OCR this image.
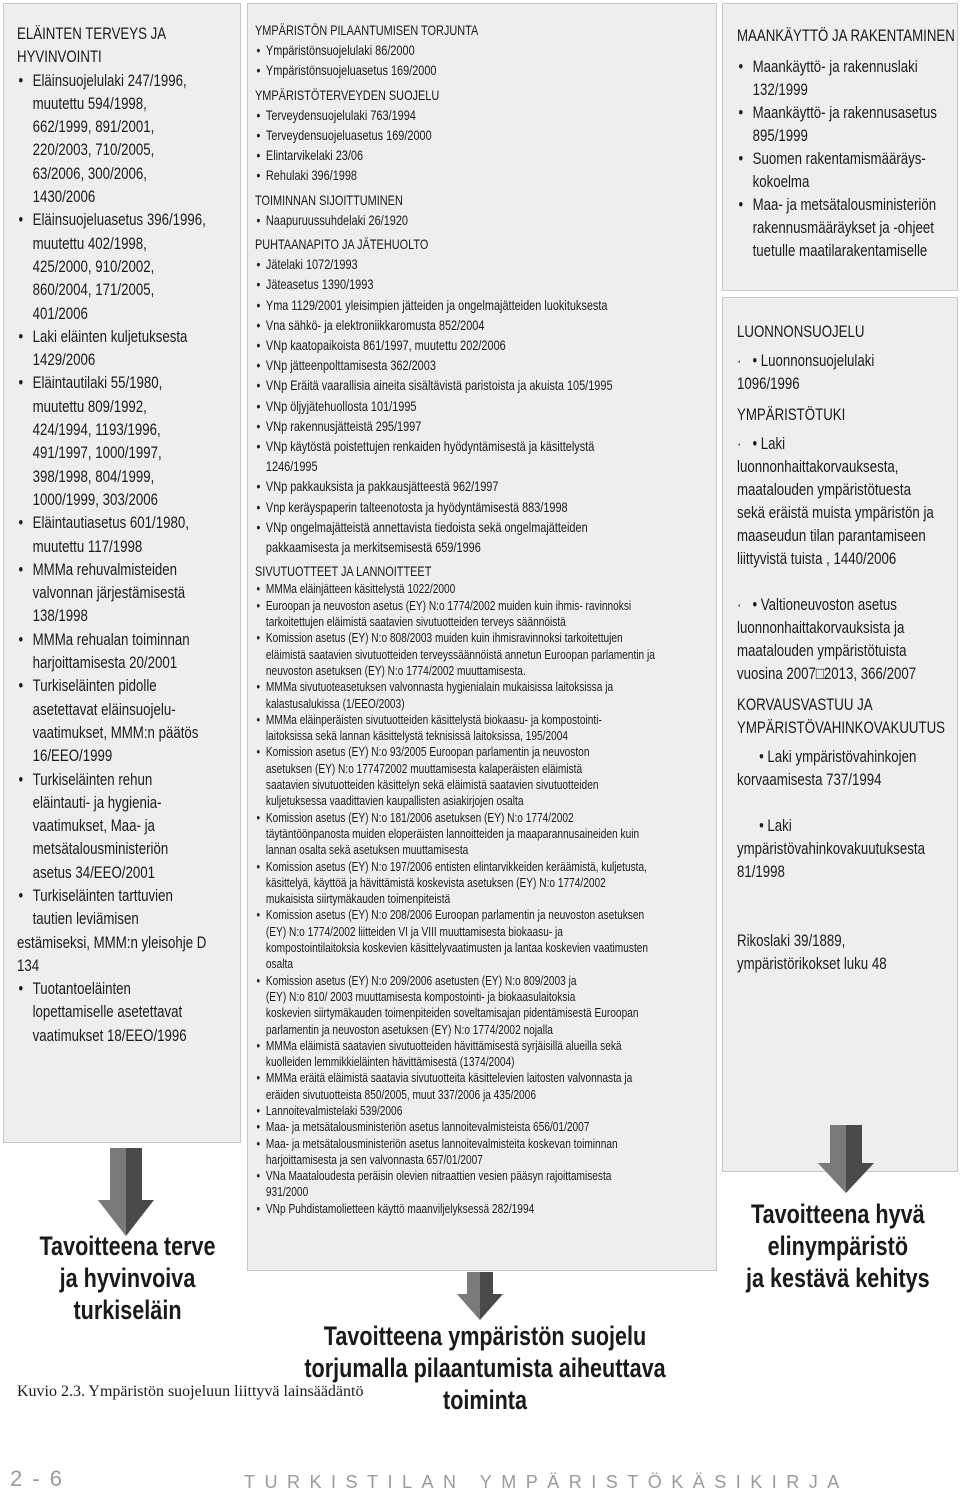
ELÄINTEN TERVEYS JA
HYVINVOINTI
• Eläinsuojelulaki 247/1996,
muutettu 594/1998,
662/1999, 891/2001,
220/2003, 710/2005,
63/2006, 300/2006,
1430/2006
• Eläinsuojeluasetus 396/1996,
muutettu 402/1998,
425/2000, 910/2002,
860/2004, 171/2005,
401/2006
• Laki eläinten kuljetuksesta
1429/2006
• Eläintautilaki 55/1980,
muutettu 809/1992,
424/1994, 1193/1996,
491/1997, 1000/1997,
398/1998, 804/1999,
1000/1999, 303/2006
• Eläintautiasetus 601/1980,
muutettu 117/1998
• MMMa rehuvalmisteiden
valvonnan järjestämisestä
138/1998
• MMMa rehualan toiminnan
harjoittamisesta 20/2001
• Turkiseläinten pidolle
asetettavat eläinsuojelu-
vaatimukset, MMM:n päätös
16/EEO/1999
• Turkiseläinten rehun
eläintauti- ja hygienia-
vaatimukset, Maa- ja
metsätalousministeriön
asetus 34/EEO/2001
• Turkiseläinten tarttuvien
tautien leviämisen
estämiseksi, MMM:n yleisohje D
134
• Tuotantoeläinten
lopettamiselle asetettavat
vaatimukset 18/EEO/1996
YMPÄRISTÖN PILAANTUMISEN TORJUNTA
• Ympäristönsuojelulaki 86/2000
• Ympäristönsuojeluasetus 169/2000
YMPÄRISTÖTERVEYDEN SUOJELU
• Terveydensuojelulaki 763/1994
• Terveydensuojeluasetus 169/2000
• Elintarvikelaki 23/06
• Rehulaki 396/1998
TOIMINNAN SIJOITTUMINEN
• Naapuruussuhdelaki 26/1920
PUHTAANAPITO JA JÄTEHUOLTO
• Jätelaki 1072/1993
• Jäteasetus 1390/1993
• Yma 1129/2001 yleisimpien jätteiden ja ongelmajätteiden luokituksesta
• Vna sähkö- ja elektroniikkaromusta 852/2004
• VNp kaatopaikoista 861/1997, muutettu 202/2006
• VNp jätteenpolttamisesta 362/2003
• VNp Eräitä vaarallisia aineita sisältävistä paristoista ja akuista 105/1995
• VNp öljyjätehuollosta 101/1995
• VNp rakennusjätteistä 295/1997
• VNp käytöstä poistettujen renkaiden hyödyntämisestä ja käsittelystä
1246/1995
• VNp pakkauksista ja pakkausjätteestä 962/1997
• Vnp keräyspaperin talteenotosta ja hyödyntämisestä 883/1998
• VNp ongelmajätteistä annettavista tiedoista sekä ongelmajätteiden
pakkaamisesta ja merkitsemisestä 659/1996
SIVUTUOTTEET JA LANNOITTEET
• MMMa eläinjätteen käsittelystä 1022/2000
• Euroopan ja neuvoston asetus (EY) N:o 1774/2002 muiden kuin ihmis- ravinnoksi
tarkoitettujen eläimistä saatavien sivutuotteiden terveys säännöistä
• Komission asetus (EY) N:o 808/2003 muiden kuin ihmisravinnoksi tarkoitettujen
eläimistä saatavien sivutuotteiden terveyssäännöistä annetun Euroopan parlamentin ja
neuvoston asetuksen (EY) N:o 1774/2002 muuttamisesta.
• MMMa sivutuoteasetuksen valvonnasta hygienialain mukaisissa laitoksissa ja
kalastusalukissa (1/EEO/2003)
• MMMa eläinperäisten sivutuotteiden käsittelystä biokaasu- ja kompostointi-
laitoksissa sekä lannan käsittelystä teknisissä laitoksissa, 195/2004
• Komission asetus (EY) N:o 93/2005 Euroopan parlamentin ja neuvoston
asetuksen (EY) N:o 177472002 muuttamisesta kalaperäisten eläimistä
saatavien sivutuotteiden käsittelyn sekä eläimistä saatavien sivutuotteiden
kuljetuksessa vaadittavien kaupallisten asiakirjojen osalta
• Komission asetus (EY) N:o 181/2006 asetuksen (EY) N:o 1774/2002
täytäntöönpanosta muiden eloperäisten lannoitteiden ja maaparannusaineiden kuin
lannan osalta sekä asetuksen muuttamisesta
• Komission asetus (EY) N:o 197/2006 entisten elintarvikkeiden keräämistä, kuljetusta,
käsittelyä, käyttöä ja hävittämistä koskevista asetuksen (EY) N:o 1774/2002
mukaisista siirtymäkauden toimenpiteistä
• Komission asetus (EY) N:o 208/2006 Euroopan parlamentin ja neuvoston asetuksen
(EY) N:o 1774/2002 liitteiden VI ja VIII muuttamisesta biokaasu- ja
kompostointilaitoksia koskevien käsittelyvaatimusten ja lantaa koskevien vaatimusten
osalta
• Komission asetus (EY) N:o 209/2006 asetusten (EY) N:o 809/2003 ja
(EY) N:o 810/ 2003 muuttamisesta kompostointi- ja biokaasulaitoksia
koskevien siirtymäkauden toimenpiteiden soveltamisajan pidentämisestä Euroopan
parlamentin ja neuvoston asetuksen (EY) N:o 1774/2002 nojalla
• MMMa eläimistä saatavien sivutuotteiden hävittämisestä syrjäisillä alueilla sekä
kuolleiden lemmikkieläinten hävittämisestä (1374/2004)
• MMMa eräitä eläimistä saatavia sivutuotteita käsittelevien laitosten valvonnasta ja
eräiden sivutuotteista 850/2005, muut 337/2006 ja 435/2006
• Lannoitevalmistelaki 539/2006
• Maa- ja metsätalousministeriön asetus lannoitevalmisteista 656/01/2007
• Maa- ja metsätalousministeriön asetus lannoitevalmisteita koskevan toiminnan
harjoittamisesta ja sen valvonnasta 657/01/2007
• VNa Maataloudesta peräisin olevien nitraattien vesien pääsyn rajoittamisesta
931/2000
• VNp Puhdistamolietteen käyttö maanviljelyksessä 282/1994
MAANKÄYTTÖ JA RAKENTAMINEN
• Maankäyttö- ja rakennuslaki
132/1999
• Maankäyttö- ja rakennusasetus
895/1999
• Suomen rakentamismääräys-
kokoelma
• Maa- ja metsätalousministeriön
rakennusmääräykset ja -ohjeet
tuetulle maatilarakentamiselle
LUONNONSUOJELU
·   • Luonnonsuojelulaki
1096/1996
YMPÄRISTÖTUKI
·   • Laki
luonnonhaittakorvauksesta,
maatalouden ympäristötuesta
sekä eräistä muista ympäristön ja
maaseudun tilan parantamiseen
liittyvistä tuista , 1440/2006
·   • Valtioneuvoston asetus
luonnonhaittakorvauksista ja
maatalouden ympäristötuista
vuosina 2007□2013, 366/2007
KORVAUSVASTUU JA
YMPÄRISTÖVAHINKOVAKUUTUS
• Laki ympäristövahinkojen
korvaamisesta 737/1994
• Laki
ympäristövahinkovakuutuksesta
81/1998
Rikoslaki 39/1889,
ympäristörikokset luku 48
Tavoitteena terve
ja hyvinvoiva turkiseläin
Tavoitteena hyvä
elinympäristö
ja kestävä kehitys
Tavoitteena ympäristön suojelu
torjumalla pilaantumista aiheuttava toiminta
Kuvio 2.3. Ympäristön suojeluun liittyvä lainsäädäntö
2 - 6	TURKISTILAN YMPÄRISTÖKÄSIKIRJA
